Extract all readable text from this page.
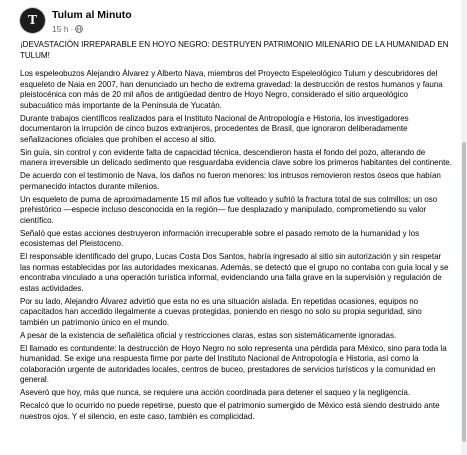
T Tulum al Minuto
15 h ·

¡DEVASTACIÓN IRREPARABLE EN HOYO NEGRO: DESTRUYEN PATRIMONIO MILENARIO DE LA HUMANIDAD EN TULUM!

Los espeleobuzos Alejandro Álvarez y Alberto Nava, miembros del Proyecto Espeleológico Tulum y descubridores del esqueleto de Naia en 2007, han denunciado un hecho de extrema gravedad: la destrucción de restos humanos y fauna pleistocénica con más de 20 mil años de antigüedad dentro de Hoyo Negro, considerado el sitio arqueológico subacuático más importante de la Península de Yucatán.

Durante trabajos científicos realizados para el Instituto Nacional de Antropología e Historia, los investigadores documentaron la irrupción de cinco buzos extranjeros, procedentes de Brasil, que ignoraron deliberadamente señalizaciones oficiales que prohíben el acceso al sitio.

Sin guía, sin control y con evidente falta de capacidad técnica, descendieron hasta el fondo del pozo, alterando de manera irreversible un delicado sedimento que resguardaba evidencia clave sobre los primeros habitantes del continente.

De acuerdo con el testimonio de Nava, los daños no fueron menores: los intrusos removieron restos óseos que habían permanecido intactos durante milenios.

Un esqueleto de puma de aproximadamente 15 mil años fue volteado y sufrió la fractura total de sus colmillos; un oso prehistórico —especie incluso desconocida en la región— fue desplazado y manipulado, comprometiendo su valor científico.

Señaló que estas acciones destruyeron información irrecuperable sobre el pasado remoto de la humanidad y los ecosistemas del Pleistoceno.

El responsable identificado del grupo, Lucas Costa Dos Santos, habría ingresado al sitio sin autorización y sin respetar las normas establecidas por las autoridades mexicanas. Además, se detectó que el grupo no contaba con guía local y se encontraba vinculado a una operación turística informal, evidenciando una falla grave en la supervisión y regulación de estas actividades.

Por su lado, Alejandro Álvarez advirtió que esta no es una situación aislada. En repetidas ocasiones, equipos no capacitados han accedido ilegalmente a cuevas protegidas, poniendo en riesgo no solo su propia seguridad, sino también un patrimonio único en el mundo.

A pesar de la existencia de señalética oficial y restricciones claras, estas son sistemáticamente ignoradas.

El llamado es contundente: la destrucción de Hoyo Negro no solo representa una pérdida para México, sino para toda la humanidad. Se exige una respuesta firme por parte del Instituto Nacional de Antropología e Historia, así como la colaboración urgente de autoridades locales, centros de buceo, prestadores de servicios turísticos y la comunidad en general.

Aseveró que hoy, más que nunca, se requiere una acción coordinada para detener el saqueo y la negligencia.

Recalcó que lo ocurrido no puede repetirse, puesto que el patrimonio sumergido de México está siendo destruido ante nuestros ojos. Y el silencio, en este caso, también es complicidad.
